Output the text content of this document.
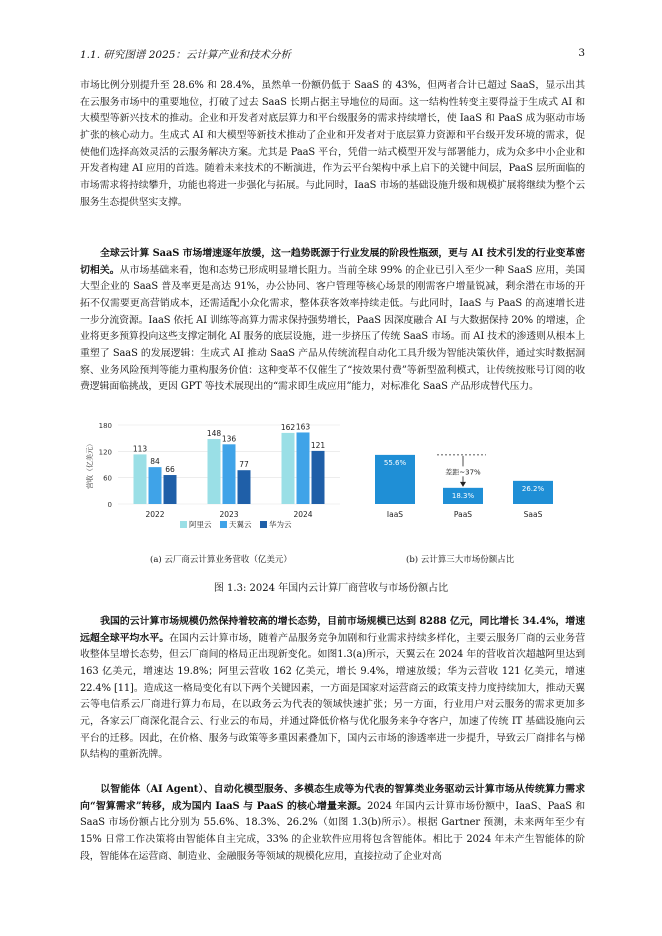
1.1. 研究图谱 2025：云计算产业和技术分析	3

市场比例分别提升至 28.6% 和 28.4%，虽然单一份额仍低于 SaaS 的 43%，但两者合计已超过 SaaS，显示出其在云服务市场中的重要地位，打破了过去 SaaS 长期占据主导地位的局面。这一结构性转变主要得益于生成式 AI 和大模型等新兴技术的推动。企业和开发者对底层算力和平台级服务的需求持续增长，使 IaaS 和 PaaS 成为驱动市场扩张的核心动力。生成式 AI 和大模型等新技术推动了企业和开发者对于底层算力资源和平台级开发环境的需求，促使他们选择高效灵活的云服务解决方案。尤其是 PaaS 平台，凭借一站式模型开发与部署能力，成为众多中小企业和开发者构建 AI 应用的首选。随着未来技术的不断演进，作为云平台架构中承上启下的关键中间层，PaaS 层所面临的市场需求将持续攀升，功能也将进一步强化与拓展。与此同时，IaaS 市场的基础设施升级和规模扩展将继续为整个云服务生态提供坚实支撑。

全球云计算 SaaS 市场增速逐年放缓，这一趋势既源于行业发展的阶段性瓶颈，更与 AI 技术引发的行业变革密切相关。从市场基础来看，饱和态势已形成明显增长阻力。当前全球 99% 的企业已引入至少一种 SaaS 应用，美国大型企业的 SaaS 普及率更是高达 91%，办公协同、客户管理等核心场景的刚需客户增量锐减，剩余潜在市场的开拓不仅需要更高营销成本，还需适配小众化需求，整体获客效率持续走低。与此同时，IaaS 与 PaaS 的高速增长进一步分流资源。IaaS 依托 AI 训练等高算力需求保持强势增长，PaaS 因深度融合 AI 与大数据保持 20% 的增速，企业将更多预算投向这些支撑定制化 AI 服务的底层设施，进一步挤压了传统 SaaS 市场。而 AI 技术的渗透则从根本上重塑了 SaaS 的发展逻辑：生成式 AI 推动 SaaS 产品从传统流程自动化工具升级为智能决策伙伴，通过实时数据洞察、业务风险预判等能力重构服务价值：这种变革不仅催生了“按效果付费”等新型盈利模式，让传统按账号订阅的收费逻辑面临挑战，更因 GPT 等技术展现出的“需求即生成应用”能力，对标准化 SaaS 产品形成替代压力。

0
60
120
180
营收（亿美元）	113
84
66
2022
148
136
77
2023
162 163
121
2024
阿里云 天翼云 华为云
55.6%
IaaS
18.3%
PaaS
26.2%
SaaS
差距~37%
(a) 云厂商云计算业务营收（亿美元）	(b) 云计算三大市场份额占比
图 1.3: 2024 年国内云计算厂商营收与市场份额占比

我国的云计算市场规模仍然保持着较高的增长态势，目前市场规模已达到 8288 亿元，同比增长 34.4%，增速远超全球平均水平。在国内云计算市场，随着产品服务竞争加剧和行业需求持续多样化，主要云服务厂商的云业务营收整体呈增长态势，但云厂商间的格局正出现新变化。如图1.3(a)所示，天翼云在 2024 年的营收首次超越阿里达到 163 亿美元，增速达 19.8%；阿里云营收 162 亿美元，增长 9.4%，增速放缓；华为云营收 121 亿美元，增速 22.4% [11]。造成这一格局变化有以下两个关键因素，一方面是国家对运营商云的政策支持力度持续加大，推动天翼云等电信系云厂商进行算力布局，在以政务云为代表的领域快速扩张；另一方面，行业用户对云服务的需求更加多元，各家云厂商深化混合云、行业云的布局，并通过降低价格与优化服务来争夺客户，加速了传统 IT 基础设施向云平台的迁移。因此，在价格、服务与政策等多重因素叠加下，国内云市场的渗透率进一步提升，导致云厂商排名与梯队结构的重新洗牌。

以智能体（AI Agent）、自动化模型服务、多模态生成等为代表的智算类业务驱动云计算市场从传统算力需求向“智算需求”转移，成为国内 IaaS 与 PaaS 的核心增量来源。2024 年国内云计算市场份额中，IaaS、PaaS 和 SaaS 市场份额占比分别为 55.6%、18.3%、26.2%（如图 1.3(b)所示）。根据 Gartner 预测，未来两年至少有 15% 日常工作决策将由智能体自主完成，33% 的企业软件应用将包含智能体。相比于 2024 年未产生智能体的阶段，智能体在运营商、制造业、金融服务等领域的规模化应用，直接拉动了企业对高
